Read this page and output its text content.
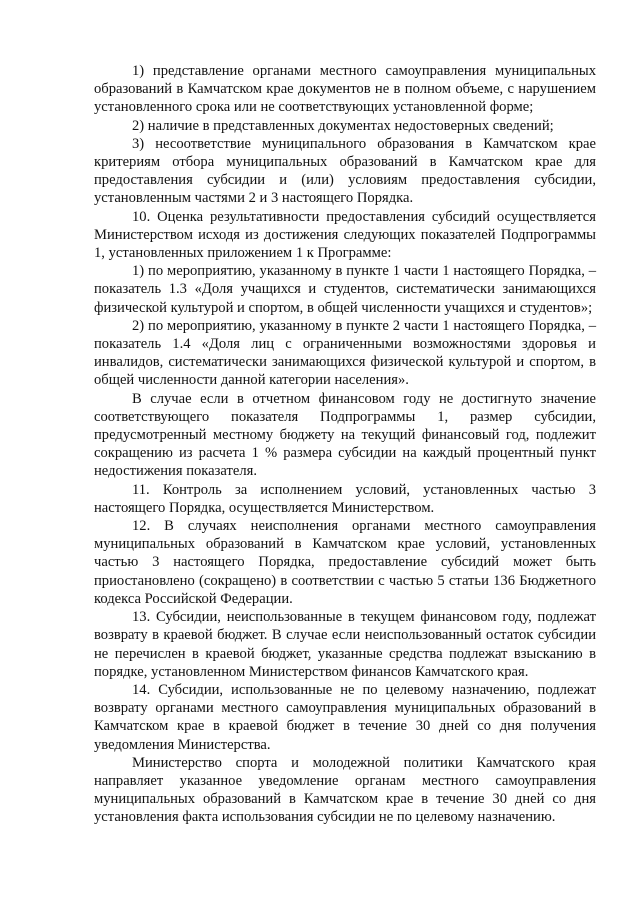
1) представление органами местного самоуправления муниципальных образований в Камчатском крае документов не в полном объеме, с нарушением установленного срока или не соответствующих установленной форме;

2) наличие в представленных документах недостоверных сведений;

3) несоответствие муниципального образования в Камчатском крае критериям отбора муниципальных образований в Камчатском крае для предоставления субсидии и (или) условиям предоставления субсидии, установленным частями 2 и 3 настоящего Порядка.

10. Оценка результативности предоставления субсидий осуществляется Министерством исходя из достижения следующих показателей Подпрограммы 1, установленных приложением 1 к Программе:

1) по мероприятию, указанному в пункте 1 части 1 настоящего Порядка, – показатель 1.3 «Доля учащихся и студентов, систематически занимающихся физической культурой и спортом, в общей численности учащихся и студентов»;

2) по мероприятию, указанному в пункте 2 части 1 настоящего Порядка, – показатель 1.4 «Доля лиц с ограниченными возможностями здоровья и инвалидов, систематически занимающихся физической культурой и спортом, в общей численности данной категории населения».

В случае если в отчетном финансовом году не достигнуто значение соответствующего показателя Подпрограммы 1, размер субсидии, предусмотренный местному бюджету на текущий финансовый год, подлежит сокращению из расчета 1 % размера субсидии на каждый процентный пункт недостижения показателя.

11. Контроль за исполнением условий, установленных частью 3 настоящего Порядка, осуществляется Министерством.

12. В случаях неисполнения органами местного самоуправления муниципальных образований в Камчатском крае условий, установленных частью 3 настоящего Порядка, предоставление субсидий может быть приостановлено (сокращено) в соответствии с частью 5 статьи 136 Бюджетного кодекса Российской Федерации.

13. Субсидии, неиспользованные в текущем финансовом году, подлежат возврату в краевой бюджет. В случае если неиспользованный остаток субсидии не перечислен в краевой бюджет, указанные средства подлежат взысканию в порядке, установленном Министерством финансов Камчатского края.

14. Субсидии, использованные не по целевому назначению, подлежат возврату органами местного самоуправления муниципальных образований в Камчатском крае в краевой бюджет в течение 30 дней со дня получения уведомления Министерства.

Министерство спорта и молодежной политики Камчатского края направляет указанное уведомление органам местного самоуправления муниципальных образований в Камчатском крае в течение 30 дней со дня установления факта использования субсидии не по целевому назначению.
